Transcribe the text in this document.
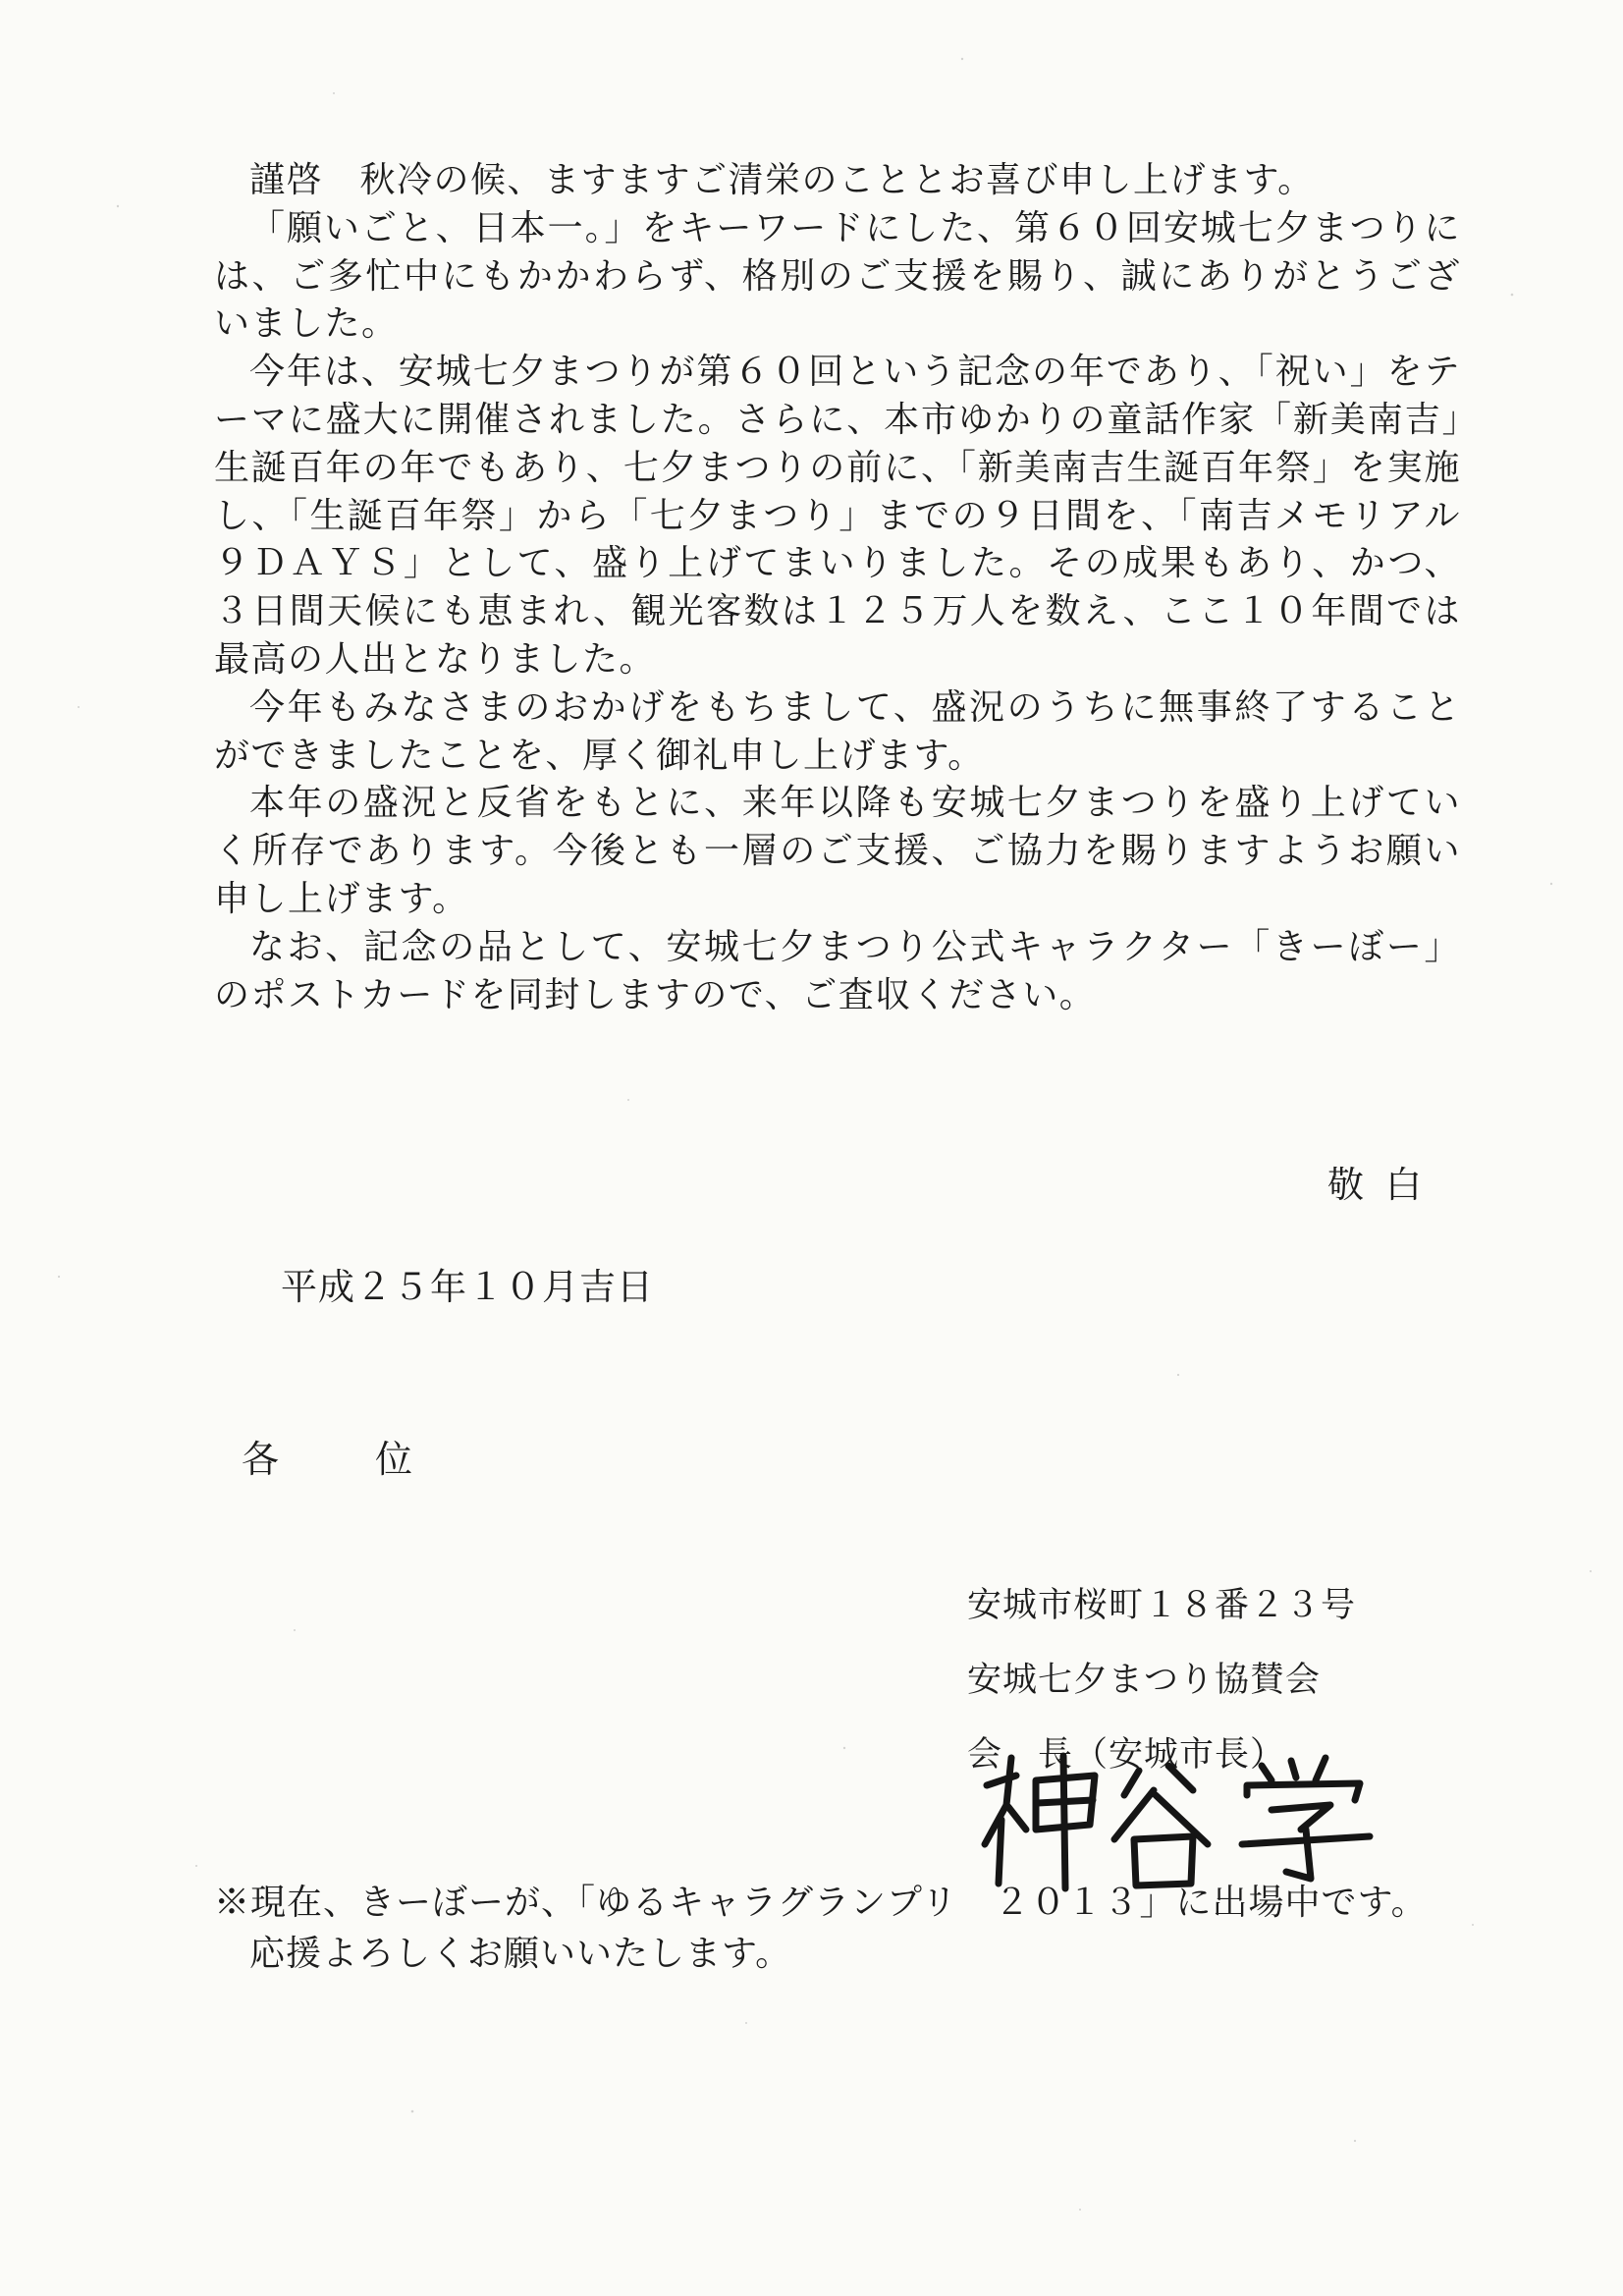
謹啓　秋冷の候、ますますご清栄のこととお喜び申し上げます。

「願いごと、日本一。」をキーワードにした、第６０回安城七夕まつりには、ご多忙中にもかかわらず、格別のご支援を賜り、誠にありがとうございました。

今年は、安城七夕まつりが第６０回という記念の年であり、「祝い」をテーマに盛大に開催されました。さらに、本市ゆかりの童話作家「新美南吉」生誕百年の年でもあり、七夕まつりの前に、「新美南吉生誕百年祭」を実施し、「生誕百年祭」から「七夕まつり」までの９日間を、「南吉メモリアル９ＤＡＹＳ」として、盛り上げてまいりました。その成果もあり、かつ、３日間天候にも恵まれ、観光客数は１２５万人を数え、ここ１０年間では最高の人出となりました。

今年もみなさまのおかげをもちまして、盛況のうちに無事終了することができましたことを、厚く御礼申し上げます。

本年の盛況と反省をもとに、来年以降も安城七夕まつりを盛り上げていく所存であります。今後とも一層のご支援、ご協力を賜りますようお願い申し上げます。

なお、記念の品として、安城七夕まつり公式キャラクター「きーぼー」のポストカードを同封しますので、ご査収ください。

敬白
平成２５年１０月吉日
各位
安城市桜町１８番２３号
安城七夕まつり協賛会
会　長（安城市長）

※現在、きーぼーが、「ゆるキャラグランプリ　２０１３」に出場中です。

応援よろしくお願いいたします。
